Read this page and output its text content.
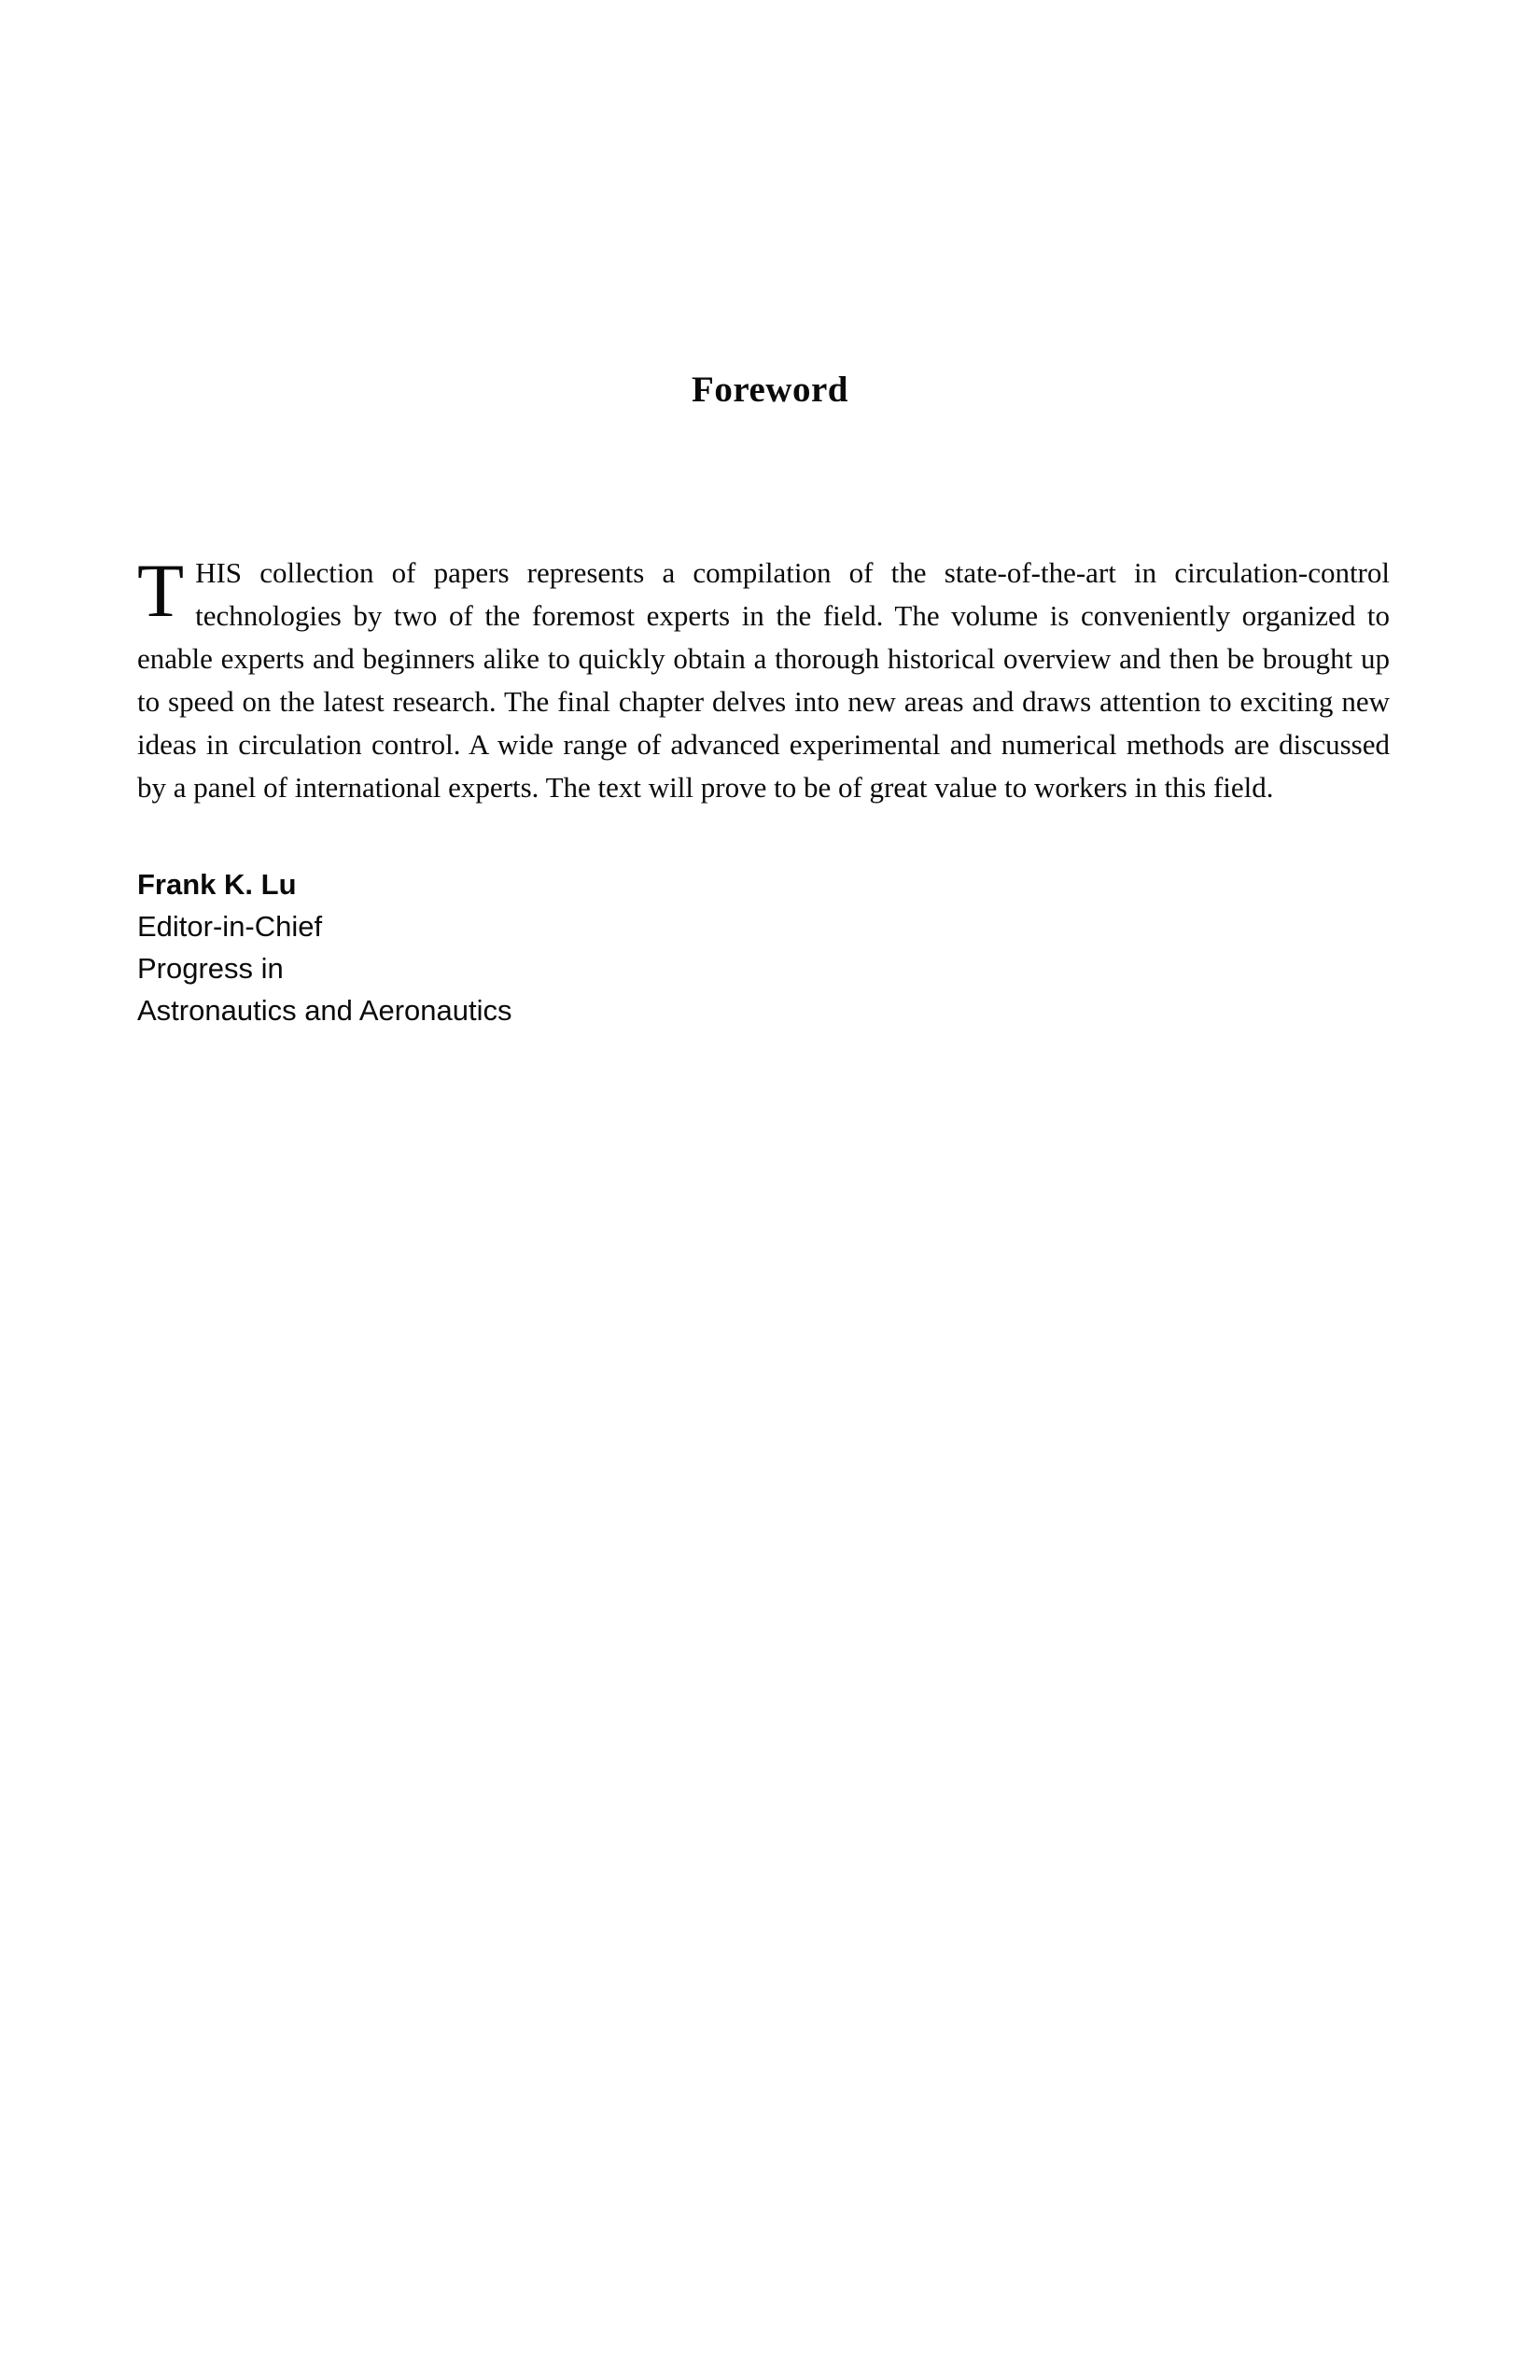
Foreword

THIS collection of papers represents a compilation of the state-of-the-art in circulation-control technologies by two of the foremost experts in the field. The volume is conveniently organized to enable experts and beginners alike to quickly obtain a thorough historical overview and then be brought up to speed on the latest research. The final chapter delves into new areas and draws attention to exciting new ideas in circulation control. A wide range of advanced experimental and numerical methods are discussed by a panel of international experts. The text will prove to be of great value to workers in this field.

Frank K. Lu
Editor-in-Chief
Progress in
Astronautics and Aeronautics
